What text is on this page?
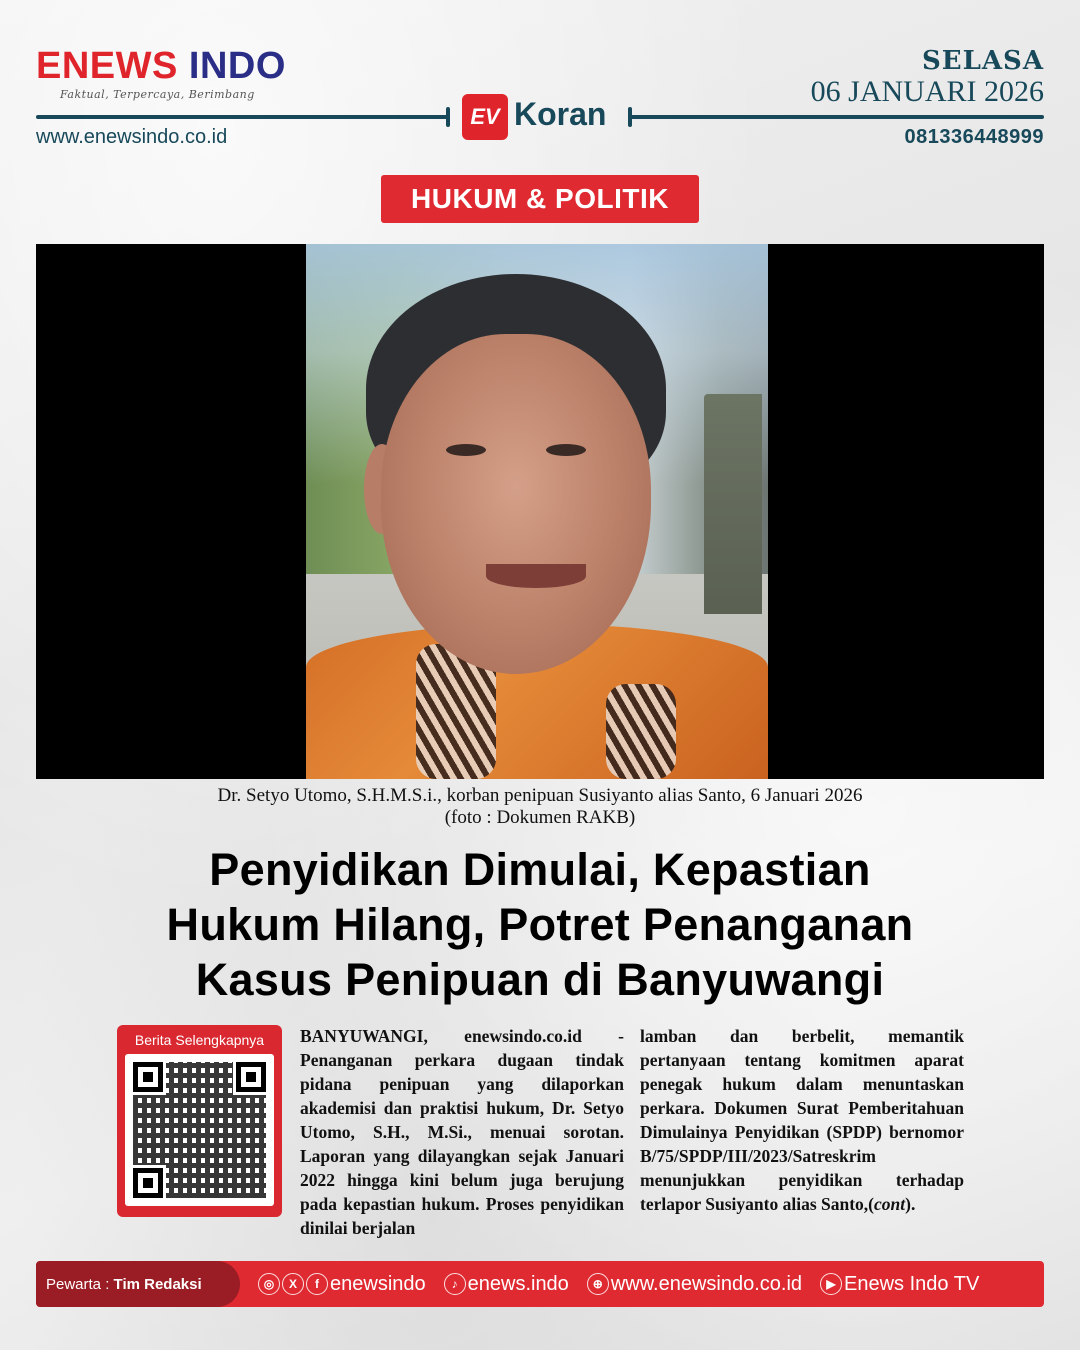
ENEWS INDO
Faktual, Terpercaya, Berimbang
www.enewsindo.co.id
SELASA
06 JANUARI 2026
081336448999
EV Koran
HUKUM & POLITIK
Dr. Setyo Utomo, S.H.M.S.i., korban penipuan Susiyanto alias Santo, 6 Januari 2026
(foto : Dokumen RAKB)
Penyidikan Dimulai, Kepastian
Hukum Hilang, Potret Penanganan
Kasus Penipuan di Banyuwangi
Berita Selengkapnya	BANYUWANGI, enewsindo.co.id - Penanganan perkara dugaan tindak pidana penipuan yang dilaporkan akademisi dan praktisi hukum, Dr. Setyo Utomo, S.H., M.Si., menuai sorotan. Laporan yang dilayangkan sejak Januari 2022 hingga kini belum juga berujung pada kepastian hukum. Proses penyidikan dinilai berjalan
lamban dan berbelit, memantik pertanyaan tentang komitmen aparat penegak hukum dalam menuntaskan perkara. Dokumen Surat Pemberitahuan Dimulainya Penyidikan (SPDP) bernomor B/75/SPDP/III/2023/Satreskrim menunjukkan penyidikan terhadap terlapor Susiyanto alias Santo,(cont).
Pewarta :
Tim Redaksi	◎	X	f enewsindo	♪ enews.indo	⊕ www.enewsindo.co.id	▶ Enews Indo TV
